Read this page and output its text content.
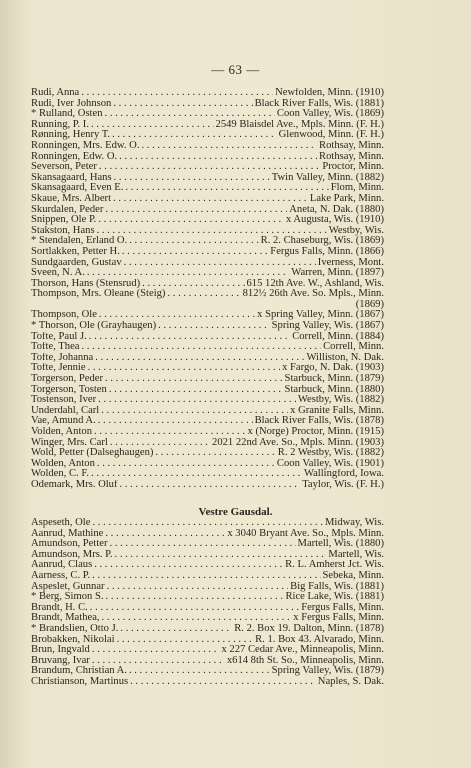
— 63 —
Rudi, Anna . . .	Newfolden, Minn. (1910)
Rudi, Iver Johnson . . .	Black River Falls, Wis. (1881)
* Rulland, Osten . . .	Coon Valley, Wis. (1869)
Running, P. I. . . .	2549 Blaisdel Ave., Mpls. Minn. (F. H.)
Rønning, Henry T. . . .	Glenwood, Minn. (F. H.)
Ronningen, Mrs. Edw. O. . . .	Rothsay, Minn.
Ronningen, Edw. O. . . .	Rothsay, Minn.
Severson, Peter . . .	Proctor, Minn.
Skansagaard, Hans . . .	Twin Valley, Minn. (1882)
Skansagaard, Even E. . . .	Flom, Minn.
Skaue, Mrs. Albert . . .	Lake Park, Minn.
Skurdalen, Peder . . .	Aneta, N. Dak. (1880)
Snippen, Ole P. . . .	x Augusta, Wis. (1910)
Stakston, Hans . . .	Westby, Wis.
* Stendalen, Erland O. . . .	R. 2. Chaseburg, Wis. (1869)
Sortlakken, Petter H. . . .	Fergus Falls, Minn. (1866)
Sundgaarden, Gustav . . .	Iverness, Mont.
Sveen, N. A. . . .	Warren, Minn. (1897)
Thorson, Hans (Stensrud) . . .	615 12th Ave. W., Ashland, Wis.
Thompson, Mrs. Oleane (Steig) . . .	812½ 26th Ave. So. Mpls., Minn.
(1869)
Thompson, Ole . . .	x Spring Valley, Minn. (1867)
* Thorson, Ole (Grayhaugen) . . .	Spring Valley, Wis. (1867)
Tofte, Paul J. . . .	Correll, Minn. (1884)
Tofte, Thea . . .	Correll, Minn.
Tofte, Johanna . . .	Williston, N. Dak.
Tofte, Jennie . . .	x Fargo, N. Dak. (1903)
Torgerson, Peder . . .	Starbuck, Minn. (1879)
Torgerson, Tosten . . .	Starbuck, Minn. (1880)
Tostenson, Iver . . .	Westby, Wis. (1882)
Underdahl, Carl . . .	x Granite Falls, Minn.
Vae, Amund A. . . .	Black River Falls, Wis. (1878)
Volden, Anton . . .	x (Norge) Proctor, Minn. (1915)
Winger, Mrs. Carl . . .	2021 22nd Ave. So., Mpls. Minn. (1903)
Wold, Petter (Dalseghaugen) . . .	R. 2 Westby, Wis. (1882)
Wolden, Anton . . .	Coon Valley, Wis. (1901)
Wolden, C. F. . . .	Wallingford, Iowa.
Odemark, Mrs. Oluf . . .	Taylor, Wis. (F. H.)
Vestre Gausdal.
Aspeseth, Ole . . .	Midway, Wis.
Aanrud, Mathine . . .	x 3040 Bryant Ave. So., Mpls. Minn.
Amundson, Petter . . .	Martell, Wis. (1880)
Amundson, Mrs. P. . . .	Martell, Wis.
Aanrud, Claus . . .	R. L. Amherst Jct. Wis.
Aarness, C. P. . . .	Sebeka, Minn.
Aspeslet, Gunnar . . .	Big Falls, Wis. (1881)
* Berg, Simon S. . . .	Rice Lake, Wis. (1881)
Brandt, H. C. . . .	Fergus Falls, Minn.
Brandt, Mathea, . . .	x Fergus Falls, Minn.
* Brandslien, Otto J. . . .	R. 2. Box 19. Dalton, Minn. (1878)
Brobakken, Nikolai . . .	R. 1. Box 43. Alvarado, Minn.
Brun, Ingvald . . .	x 227 Cedar Ave., Minneapolis, Minn.
Bruvang, Ivar . . .	x614 8th St. So., Minneapolis, Minn.
Brandum, Christian A. . . .	Spring Valley, Wis. (1879)
Christianson, Martinus . . .	Naples, S. Dak.
